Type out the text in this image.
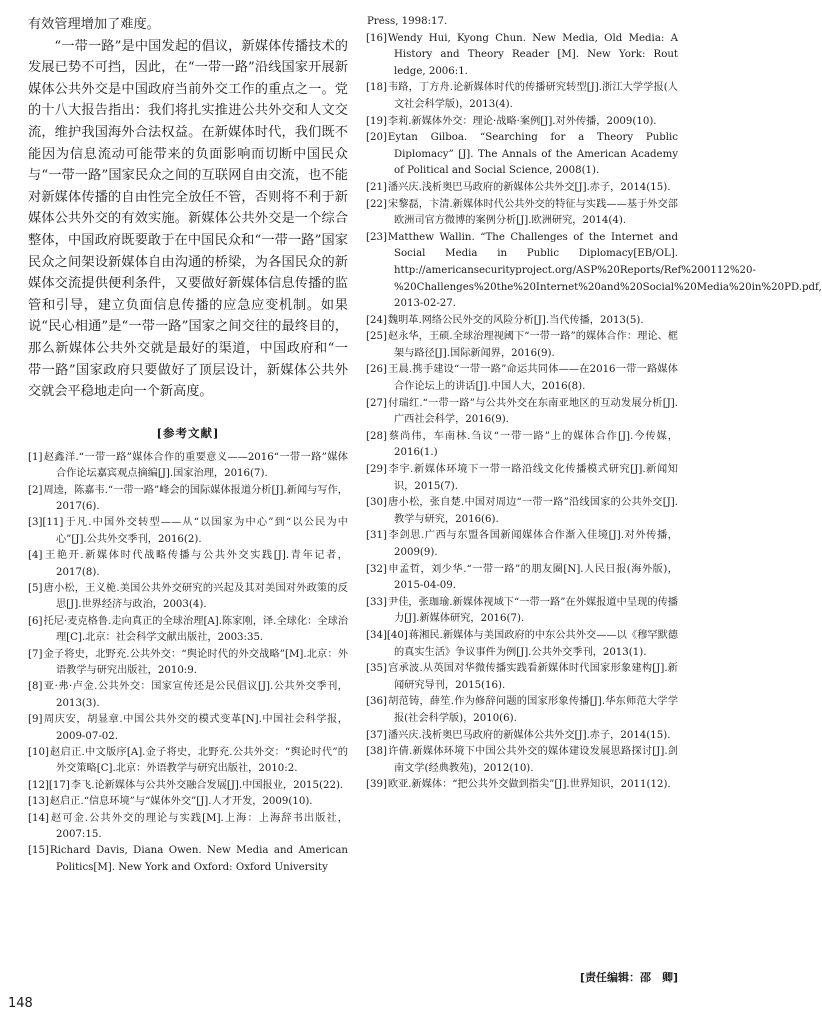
有效管理增加了难度。

“一带一路”是中国发起的倡议，新媒体传播技术的发展已势不可挡，因此，在“一带一路”沿线国家开展新媒体公共外交是中国政府当前外交工作的重点之一。党的十八大报告指出：我们将扎实推进公共外交和人文交流，维护我国海外合法权益。在新媒体时代，我们既不能因为信息流动可能带来的负面影响而切断中国民众与“一带一路”国家民众之间的互联网自由交流，也不能对新媒体传播的自由性完全放任不管，否则将不利于新媒体公共外交的有效实施。新媒体公共外交是一个综合整体，中国政府既要敢于在中国民众和“一带一路”国家民众之间架设新媒体自由沟通的桥梁，为各国民众的新媒体交流提供便利条件，又要做好新媒体信息传播的监管和引导，建立负面信息传播的应急应变机制。如果说“民心相通”是“一带一路”国家之间交往的最终目的，那么新媒体公共外交就是最好的渠道，中国政府和“一带一路”国家政府只要做好了顶层设计，新媒体公共外交就会平稳地走向一个新高度。

[参考文献]

[1]赵鑫洋.“一带一路”媒体合作的重要意义——2016“一带一路”媒体合作论坛嘉宾观点摘编[J].国家治理，2016(7).

[2]周逵，陈嘉韦.“一带一路”峰会的国际媒体报道分析[J].新闻与写作，2017(6).

[3][11]于凡.中国外交转型——从“以国家为中心”到“以公民为中心”[J].公共外交季刊，2016(2).

[4]王艳开.新媒体时代战略传播与公共外交实践[J].青年记者，2017(8).

[5]唐小松，王义桅.美国公共外交研究的兴起及其对美国对外政策的反思[J].世界经济与政治，2003(4).

[6]托尼·麦克格鲁.走向真正的全球治理[A].陈家刚，译.全球化：全球治理[C].北京：社会科学文献出版社，2003:35.

[7]金子将史，北野充.公共外交：“舆论时代的外交战略”[M].北京：外语教学与研究出版社，2010:9.

[8]亚·弗·卢金.公共外交：国家宣传还是公民倡议[J].公共外交季刊，2013(3).

[9]周庆安，胡显章.中国公共外交的模式变革[N].中国社会科学报，2009-07-02.

[10]赵启正.中文版序[A].金子将史，北野充.公共外交：“舆论时代”的外交策略[C].北京：外语教学与研究出版社，2010:2.

[12][17]李飞.论新媒体与公共外交融合发展[J].中国报业，2015(22).

[13]赵启正.“信息环境”与“媒体外交”[J].人才开发，2009(10).

[14]赵可金.公共外交的理论与实践[M].上海：上海辞书出版社，2007:15.

[15]Richard Davis, Diana Owen. New Media and American Politics[M]. New York and Oxford: Oxford University

Press, 1998:17.

[16]Wendy Hui, Kyong Chun. New Media, Old Media: A History and Theory Reader [M]. New York: Rout ledge, 2006:1.

[18]韦路，丁方舟.论新媒体时代的传播研究转型[J].浙江大学学报(人文社会科学版)，2013(4).

[19]李莉.新媒体外交：理论·战略·案例[J].对外传播，2009(10).

[20]Eytan Gilboa. “Searching for a Theory Public Diplomacy” [J]. The Annals of the American Academy of Political and Social Science, 2008(1).

[21]潘兴庆.浅析奥巴马政府的新媒体公共外交[J].赤子，2014(15).

[22]宋黎磊，卞清.新媒体时代公共外交的特征与实践——基于外交部欧洲司官方微博的案例分析[J].欧洲研究，2014(4).

[23]Matthew Wallin. “The Challenges of the Internet and Social Media in Public Diplomacy[EB/OL]. http://americansecurityproject.org/ASP%20Reports/Ref%200112%20-%20Challenges%20the%20Internet%20and%20Social%20Media%20in%20PD.pdf, 2013-02-27.

[24]魏明革.网络公民外交的风险分析[J].当代传播，2013(5).

[25]赵永华，王硕.全球治理视阈下“一带一路”的媒体合作：理论、框架与路径[J].国际新闻界，2016(9).

[26]王晨.携手建设“一带一路”命运共同体——在2016一带一路媒体合作论坛上的讲话[J].中国人大，2016(8).

[27]付瑞红.“一带一路”与公共外交在东南亚地区的互动发展分析[J].广西社会科学，2016(9).

[28]蔡尚伟，车南林.刍议“一带一路”上的媒体合作[J].今传媒，2016(1.)

[29]李宇.新媒体环境下一带一路沿线文化传播模式研究[J].新闻知识，2015(7).

[30]唐小松，张自楚.中国对周边“一带一路”沿线国家的公共外交[J].教学与研究，2016(6).

[31]李剑思.广西与东盟各国新闻媒体合作渐入佳境[J].对外传播，2009(9).

[32]申孟哲，刘少华.“一带一路”的朋友圈[N].人民日报(海外版)，2015-04-09.

[33]尹佳，张珈瑜.新媒体视域下“一带一路”在外媒报道中呈现的传播力[J].新媒体研究，2016(7).

[34][40]蒋湘民.新媒体与美国政府的中东公共外交——以《穆罕默德的真实生活》争议事件为例[J].公共外交季刊，2013(1).

[35]宫承波.从英国对华微传播实践看新媒体时代国家形象建构[J].新闻研究导刊，2015(16).

[36]胡范铸，薛笙.作为修辞问题的国家形象传播[J].华东师范大学学报(社会科学版)，2010(6).

[37]潘兴庆.浅析奥巴马政府的新媒体公共外交[J].赤子，2014(15).

[38]许倩.新媒体环境下中国公共外交的媒体建设发展思路探讨[J].剑南文学(经典教苑)，2012(10).

[39]欧亚.新媒体：“把公共外交做到指尖”[J].世界知识，2011(12).

[责任编辑：邵　卿]
148
